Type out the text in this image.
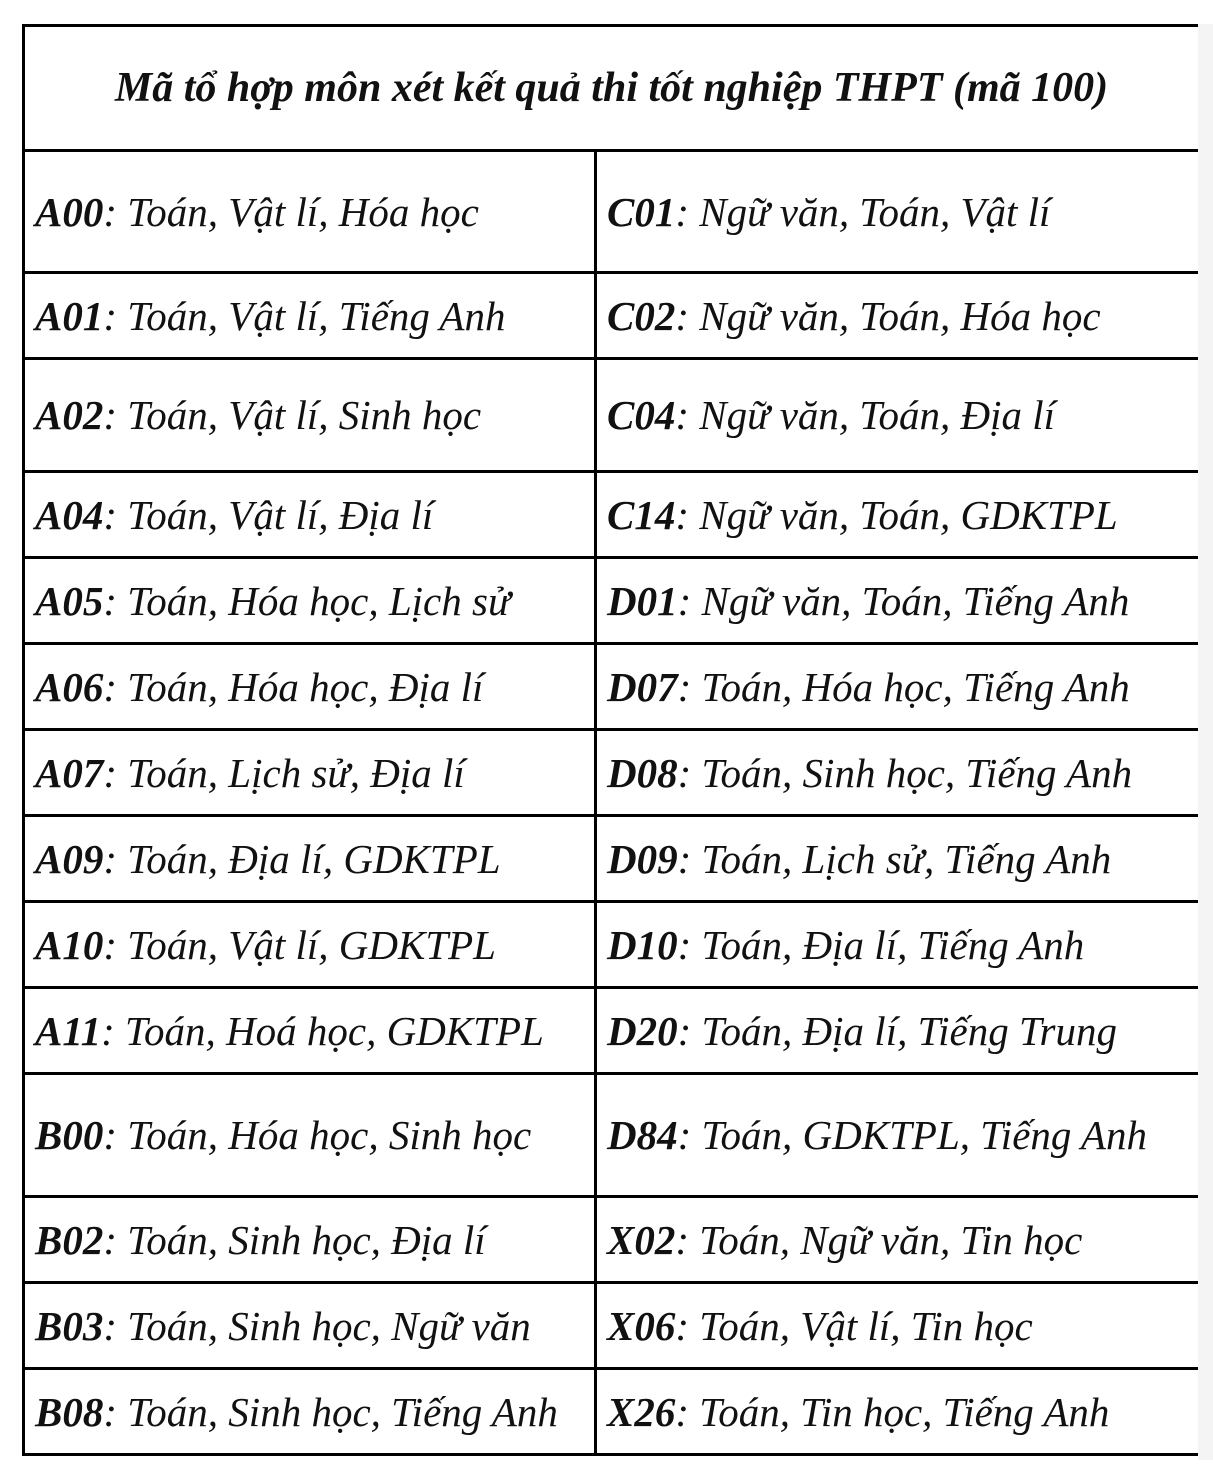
Mã tổ hợp môn xét kết quả thi tốt nghiệp THPT (mã 100)	
A00: Toán, Vật lí, Hóa học	C01: Ngữ văn, Toán, Vật lí
A01: Toán, Vật lí, Tiếng Anh	C02: Ngữ văn, Toán, Hóa học
A02: Toán, Vật lí, Sinh học	C04: Ngữ văn, Toán, Địa lí
A04: Toán, Vật lí, Địa lí	C14: Ngữ văn, Toán, GDKTPL
A05: Toán, Hóa học, Lịch sử	D01: Ngữ văn, Toán, Tiếng Anh
A06: Toán, Hóa học, Địa lí	D07: Toán, Hóa học, Tiếng Anh
A07: Toán, Lịch sử, Địa lí	D08: Toán, Sinh học, Tiếng Anh
A09: Toán, Địa lí, GDKTPL	D09: Toán, Lịch sử, Tiếng Anh
A10: Toán, Vật lí, GDKTPL	D10: Toán, Địa lí, Tiếng Anh
A11: Toán, Hoá học, GDKTPL	D20: Toán, Địa lí, Tiếng Trung
B00: Toán, Hóa học, Sinh học	D84: Toán, GDKTPL, Tiếng Anh
B02: Toán, Sinh học, Địa lí	X02: Toán, Ngữ văn, Tin học
B03: Toán, Sinh học, Ngữ văn	X06: Toán, Vật lí, Tin học
B08: Toán, Sinh học, Tiếng Anh	X26: Toán, Tin học, Tiếng Anh
